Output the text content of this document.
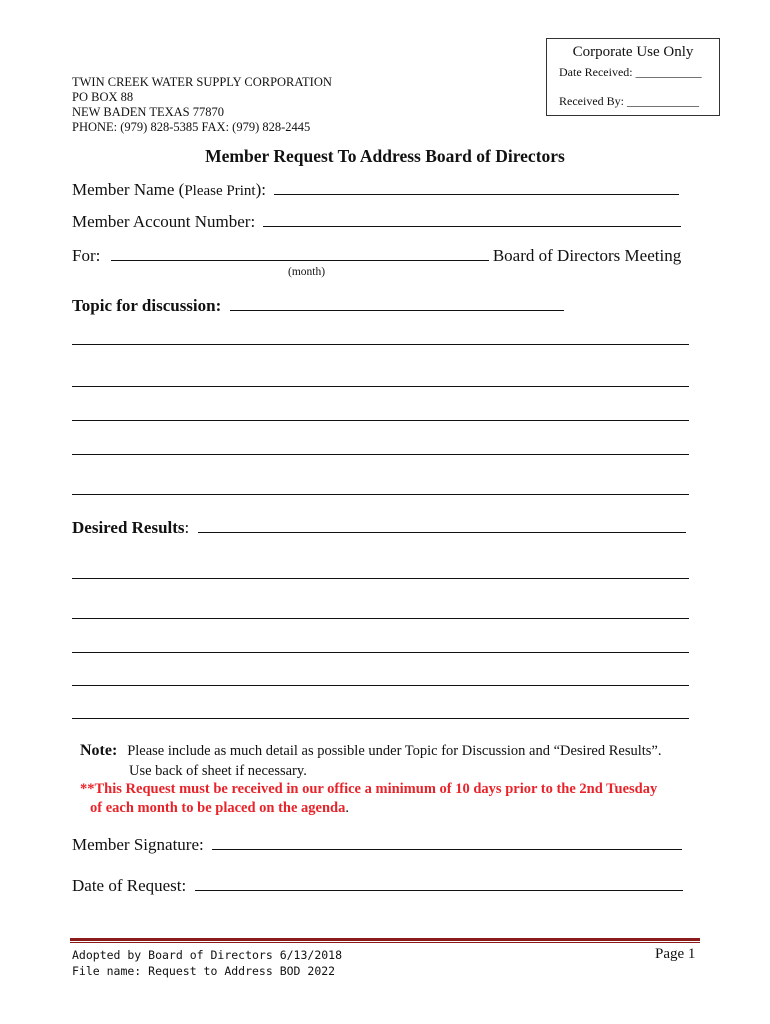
Corporate Use Only
Date Received: ___________
Received By: ____________
TWIN CREEK WATER SUPPLY CORPORATION
PO BOX 88
NEW BADEN TEXAS 77870
PHONE: (979) 828-5385 FAX: (979) 828-2445
Member Request To Address Board of Directors
Member Name (Please Print):
Member Account Number:
For:	Board of Directors Meeting
(month)
Topic for discussion:
Desired Results:
Note: Please include as much detail as possible under Topic for Discussion and “Desired Results”.
Use back of sheet if necessary.
**This Request must be received in our office a minimum of 10 days prior to the 2nd Tuesday
of each month to be placed on the agenda.
Member Signature:
Date of Request:
Adopted by Board of Directors 6/13/2018
File name: Request to Address BOD 2022
Page 1
